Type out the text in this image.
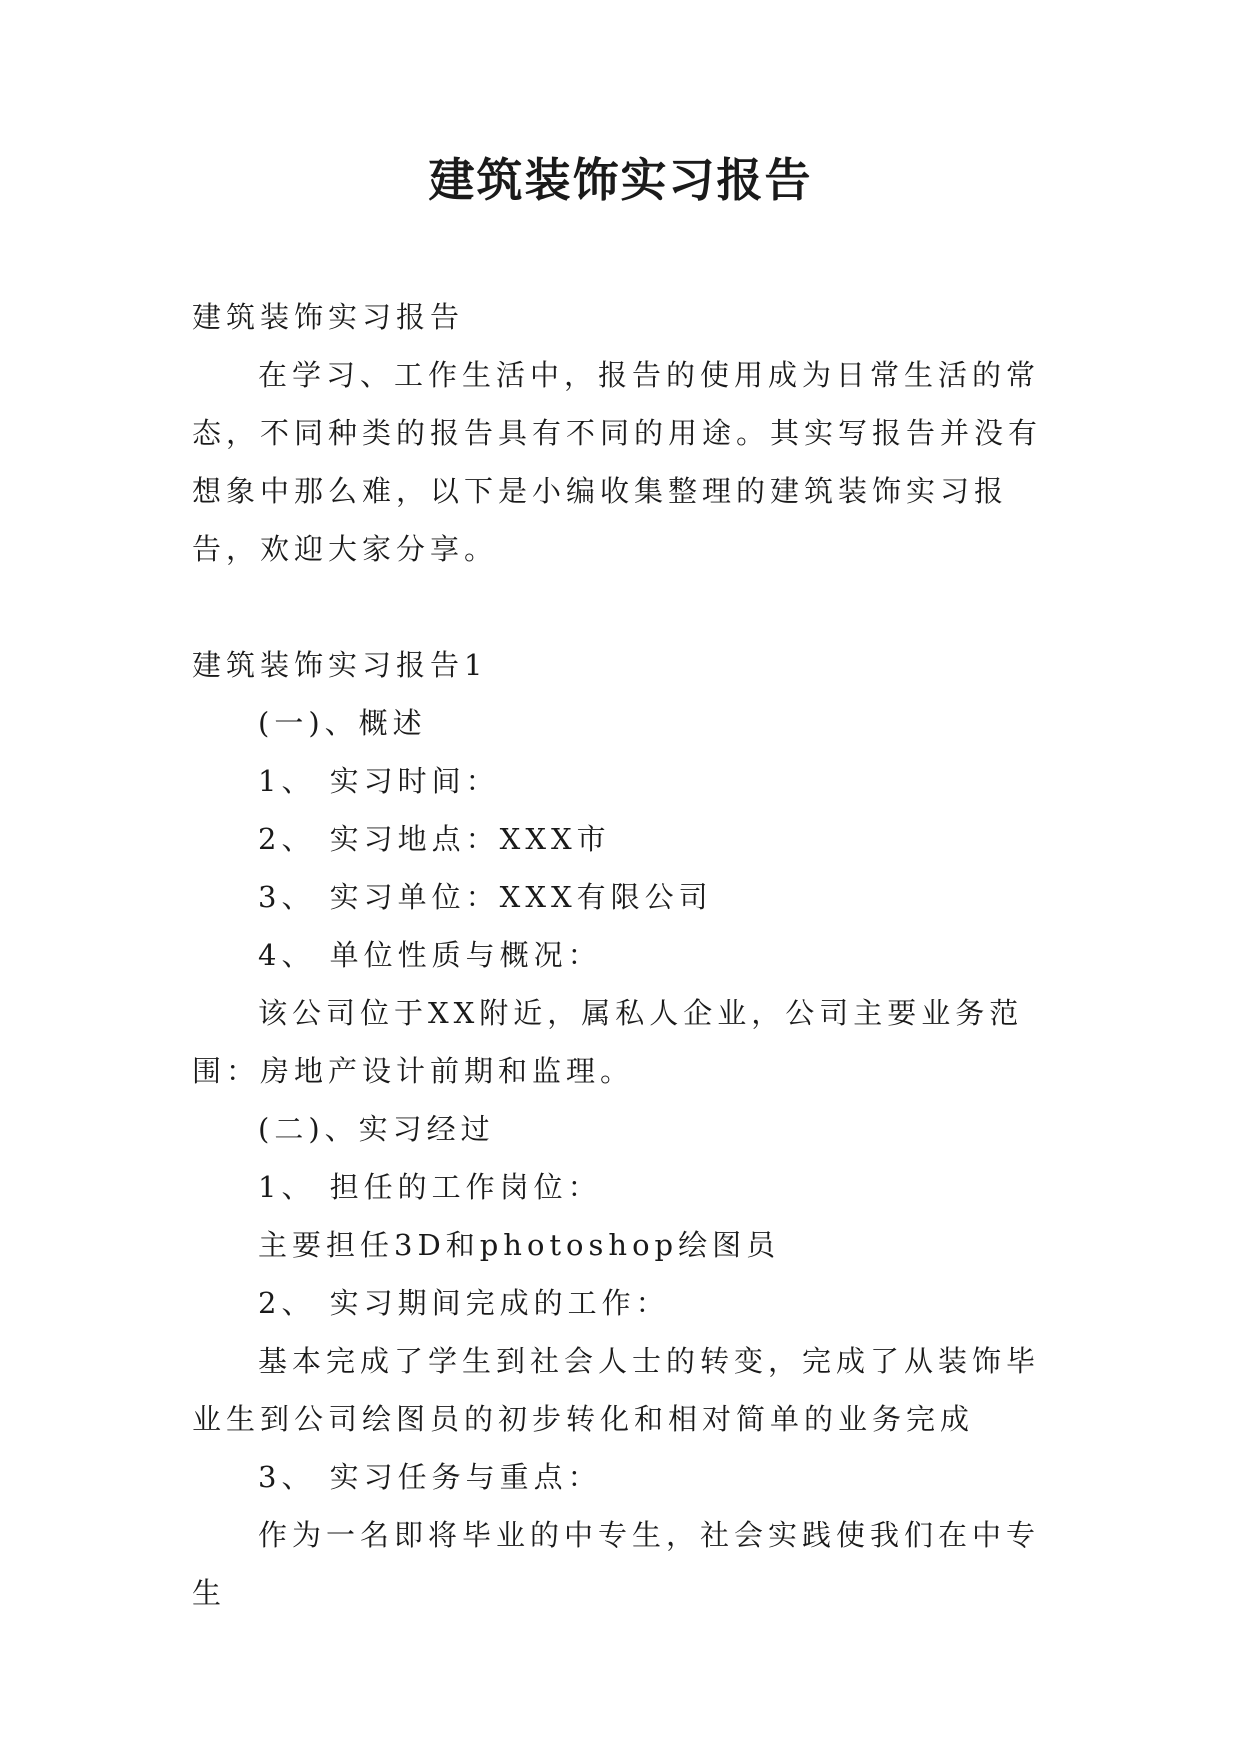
建筑装饰实习报告

建筑装饰实习报告

在学习、工作生活中，报告的使用成为日常生活的常态，不同种类的报告具有不同的用途。其实写报告并没有想象中那么难，以下是小编收集整理的建筑装饰实习报告，欢迎大家分享。

建筑装饰实习报告1

(一)、概述

1、 实习时间：

2、 实习地点：XXX市

3、 实习单位：XXX有限公司

4、 单位性质与概况：

该公司位于XX附近，属私人企业，公司主要业务范围：房地产设计前期和监理。

(二)、实习经过

1、 担任的工作岗位：

主要担任3D和photoshop绘图员

2、 实习期间完成的工作：

基本完成了学生到社会人士的转变，完成了从装饰毕业生到公司绘图员的初步转化和相对简单的业务完成

3、 实习任务与重点：

作为一名即将毕业的中专生，社会实践使我们在中专生
